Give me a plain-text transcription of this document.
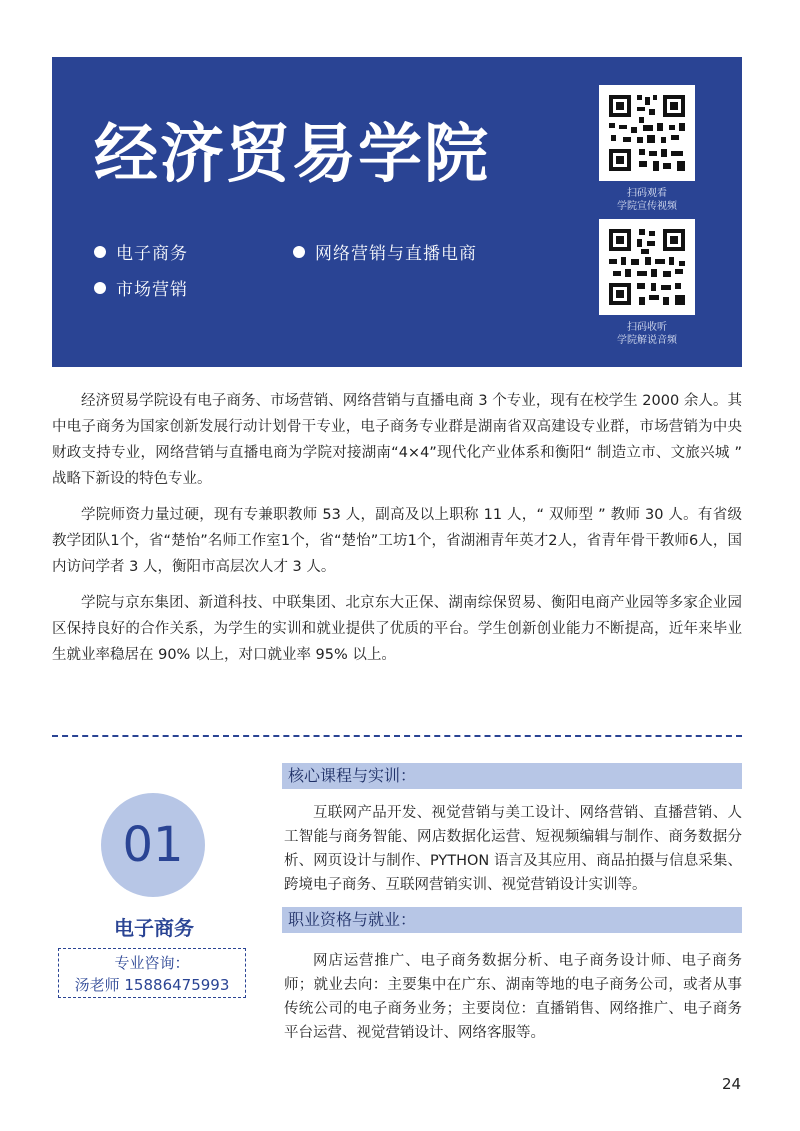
经济贸易学院
电子商务	网络营销与直播电商
市场营销
扫码观看
学院宣传视频
扫码收听
学院解说音频

经济贸易学院设有电子商务、市场营销、网络营销与直播电商 3 个专业，现有在校学生 2000 余人。其中电子商务为国家创新发展行动计划骨干专业，电子商务专业群是湖南省双高建设专业群，市场营销为中央财政支持专业，网络营销与直播电商为学院对接湖南“4×4”现代化产业体系和衡阳“ 制造立市、文旅兴城 ” 战略下新设的特色专业。

学院师资力量过硬，现有专兼职教师 53 人，副高及以上职称 11 人，“ 双师型 ” 教师 30 人。有省级教学团队1个，省“楚怡”名师工作室1个，省“楚怡”工坊1个，省湖湘青年英才2人，省青年骨干教师6人，国内访问学者 3 人，衡阳市高层次人才 3 人。

学院与京东集团、新道科技、中联集团、北京东大正保、湖南综保贸易、衡阳电商产业园等多家企业园区保持良好的合作关系，为学生的实训和就业提供了优质的平台。学生创新创业能力不断提高，近年来毕业生就业率稳居在 90% 以上，对口就业率 95% 以上。

01
电子商务
专业咨询：
汤老师 15886475993
核心课程与实训：
互联网产品开发、视觉营销与美工设计、网络营销、直播营销、人工智能与商务智能、网店数据化运营、短视频编辑与制作、商务数据分析、网页设计与制作、PYTHON 语言及其应用、商品拍摄与信息采集、跨境电子商务、互联网营销实训、视觉营销设计实训等。
职业资格与就业：
网店运营推广、电子商务数据分析、电子商务设计师、电子商务师；就业去向：主要集中在广东、湖南等地的电子商务公司，或者从事传统公司的电子商务业务；主要岗位：直播销售、网络推广、电子商务平台运营、视觉营销设计、网络客服等。
24
